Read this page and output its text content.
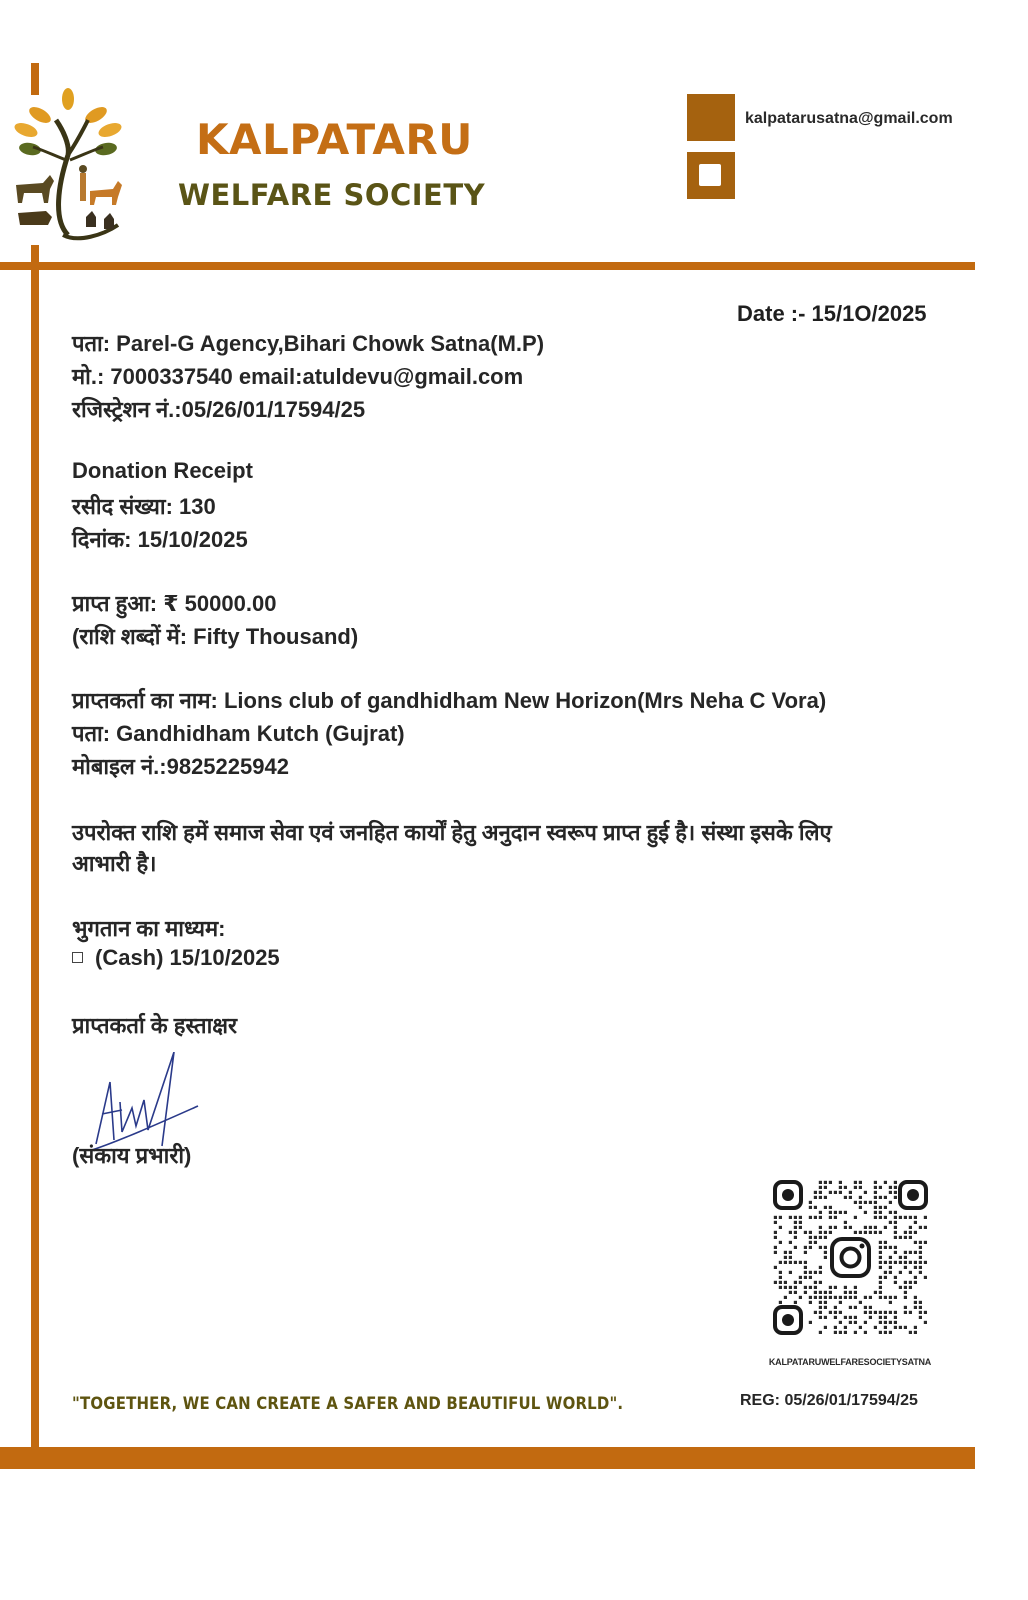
KALPATARU
WELFARE SOCIETY
kalpatarusatna@gmail.com
Date :- 15/1O/2025
पता: Parel-G Agency,Bihari Chowk Satna(M.P)
मो.: 7000337540 email:atuldevu@gmail.com
रजिस्ट्रेशन नं.:05/26/01/17594/25
Donation Receipt
रसीद संख्या: 130
दिनांक: 15/10/2025
प्राप्त हुआ: ₹ 50000.00
(राशि शब्दों में: Fifty Thousand)
प्राप्तकर्ता का नाम: Lions club of gandhidham New Horizon(Mrs Neha C Vora)
पता: Gandhidham Kutch (Gujrat)
मोबाइल नं.:9825225942
उपरोक्त राशि हमें समाज सेवा एवं जनहित कार्यों हेतु अनुदान स्वरूप प्राप्त हुई है। संस्था इसके लिए
आभारी है।
भुगतान का माध्यम:
(Cash) 15/10/2025
प्राप्तकर्ता के हस्ताक्षर
(संकाय प्रभारी)
KALPATARUWELFARESOCIETYSATNA
"TOGETHER, WE CAN CREATE A SAFER AND BEAUTIFUL WORLD".	REG: 05/26/01/17594/25
